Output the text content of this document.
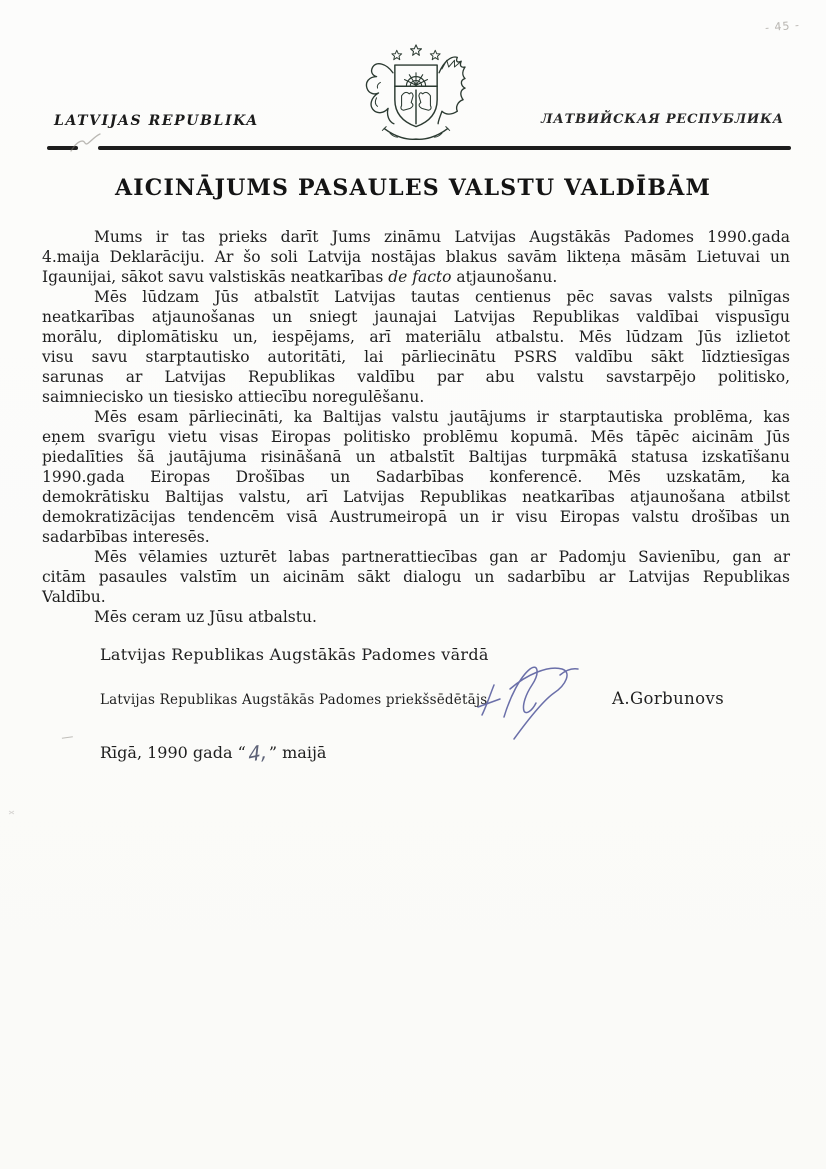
- 45 -
LATVIJAS REPUBLIKA	ЛАТВИЙСКАЯ РЕСПУБЛИКА
AICINĀJUMS PASAULES VALSTU VALDĪBĀM
Mums ir tas prieks darīt Jums zināmu Latvijas Augstākās Padomes 1990.gada
4.maija Deklarāciju. Ar šo soli Latvija nostājas blakus savām likteņa māsām Lietuvai un
Igaunijai, sākot savu valstiskās neatkarības de facto atjaunošanu.
Mēs lūdzam Jūs atbalstīt Latvijas tautas centienus pēc savas valsts pilnīgas
neatkarības atjaunošanas un sniegt jaunajai Latvijas Republikas valdībai vispusīgu
morālu, diplomātisku un, iespējams, arī materiālu atbalstu. Mēs lūdzam Jūs izlietot
visu savu starptautisko autoritāti, lai pārliecinātu PSRS valdību sākt līdztiesīgas
sarunas ar Latvijas Republikas valdību par abu valstu savstarpējo politisko,
saimniecisko un tiesisko attiecību noregulēšanu.
Mēs esam pārliecināti, ka Baltijas valstu jautājums ir starptautiska problēma, kas
eņem svarīgu vietu visas Eiropas politisko problēmu kopumā. Mēs tāpēc aicinām Jūs
piedalīties šā jautājuma risināšanā un atbalstīt Baltijas turpmākā statusa izskatīšanu
1990.gada Eiropas Drošības un Sadarbības konferencē. Mēs uzskatām, ka
demokrātisku Baltijas valstu, arī Latvijas Republikas neatkarības atjaunošana atbilst
demokratizācijas tendencēm visā Austrumeiropā un ir visu Eiropas valstu drošības un
sadarbības interesēs.
Mēs vēlamies uzturēt labas partnerattiecības gan ar Padomju Savienību, gan ar
citām pasaules valstīm un aicinām sākt dialogu un sadarbību ar Latvijas Republikas
Valdību.
Mēs ceram uz Jūsu atbalstu.
Latvijas Republikas Augstākās Padomes vārdā
Latvijas Republikas Augstākās Padomes priekšsēdētājs	A.Gorbunovs
Rīgā, 1990 gada “4,” maijā
